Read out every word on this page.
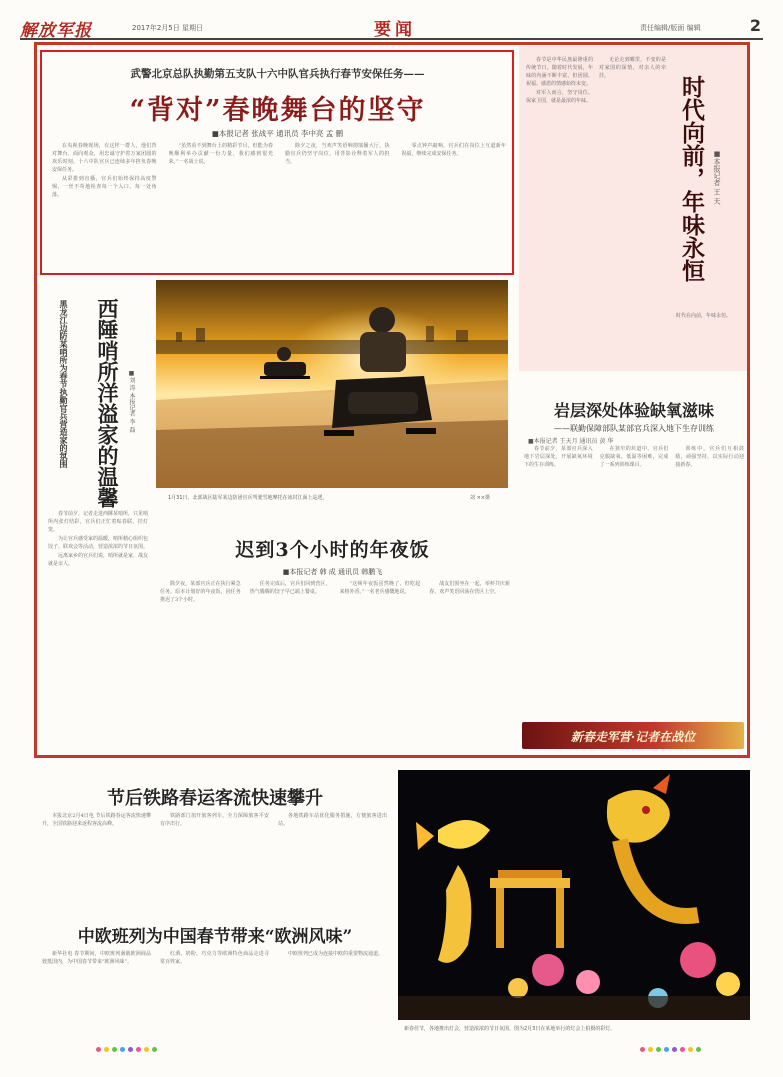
解放军报	2017年2月5日 星期日	要闻	责任编辑/版面 编辑	2
武警北京总队执勤第五支队十六中队官兵执行春节安保任务——
“背对”春晚舞台的坚守
■本报记者 张战平 通讯员 李中亮 孟 鹏

在央视春晚现场，有这样一群人，他们背对舞台、面向观众，用忠诚守护着万家团圆的欢乐时刻。十六中队官兵已连续多年担负春晚安保任务。

从彩排到直播，官兵们始终保持高度警惕，一丝不苟地检查每一个入口、每一处角落。

“虽然看不到舞台上的精彩节目，但能为春晚顺利举办贡献一份力量，我们感到很光荣。”一名战士说。

除夕之夜，当欢声笑语响彻演播大厅，执勤官兵仍坚守岗位，用背影诠释着军人的担当。

零点钟声敲响，官兵们在岗位上互道新年祝福，继续完成安保任务。

春节是中华民族最隆重的传统节日。随着时代发展，年味的内涵不断丰富，但团圆、祝福、感恩的情感始终未变。

对军人而言，坚守岗位、保家卫国，就是最浓的年味。

无论走到哪里，不变的是对家国的深情，对亲人的牵挂。	时代向前，年味永恒 ■本报记者 王 天

时代在向前，年味永恒。

黑龙江边防某哨所为春节执勤官兵营造家的氛围	西陲哨所洋溢家的温馨	■刘 涛 本报记者 李 磊

春节前夕，记者走进西陲某哨所，只见哨所内张灯结彩，官兵们正忙着贴春联、挂灯笼。

为让官兵感受家的温暖，哨所精心组织包饺子、联欢会等活动，营造浓浓的节日氛围。

远离家乡的官兵们说，哨所就是家，战友就是亲人。

1月31日，北部战区陆军某边防团官兵驾驶雪地摩托在冰封江面上巡逻。	刘 ××摄
迟到3个小时的年夜饭
■本报记者 韩 成 通讯员 韩鹏飞

除夕夜，某部官兵正在执行紧急任务。原本计划好的年夜饭，因任务推迟了3个小时。

任务完成后，官兵们回到营区，热气腾腾的饺子早已端上餐桌。

“这顿年夜饭虽然晚了，但吃起来格外香。”一名老兵感慨地说。

战友们围坐在一起，举杯共庆新春，欢声笑语回荡在营区上空。

岩层深处体验缺氧滋味
——联勤保障部队某部官兵深入地下生存训练
■本报记者 王天月 通讯员 黄 华

春节前夕，某部官兵深入地下岩层深处，开展缺氧环境下的生存训练。

在狭窄的坑道中，官兵们克服缺氧、低温等困难，完成了一系列训练课目。

训练中，官兵们互相鼓励，顽强坚持，以实际行动迎接新春。

新春走军营·记者在战位
节后铁路春运客流快速攀升

本报北京2月4日电 节后铁路春运客流快速攀升，全国铁路迎来返程客流高峰。

铁路部门加开旅客列车，全力保障旅客平安有序出行。

各地铁路车站优化服务措施，方便旅客进出站。

中欧班列为中国春节带来“欧洲风味”

新华社电 春节期间，中欧班列满载欧洲商品驶抵国内，为中国春节带来“欧洲风味”。

红酒、奶粉、巧克力等欧洲特色商品走进寻常百姓家。

中欧班列已成为连接中欧的重要物流通道。

新春佳节，各地推出灯会，营造浓浓的节日氛围。图为2月3日在某地举行的灯会上拍摄的彩灯。
